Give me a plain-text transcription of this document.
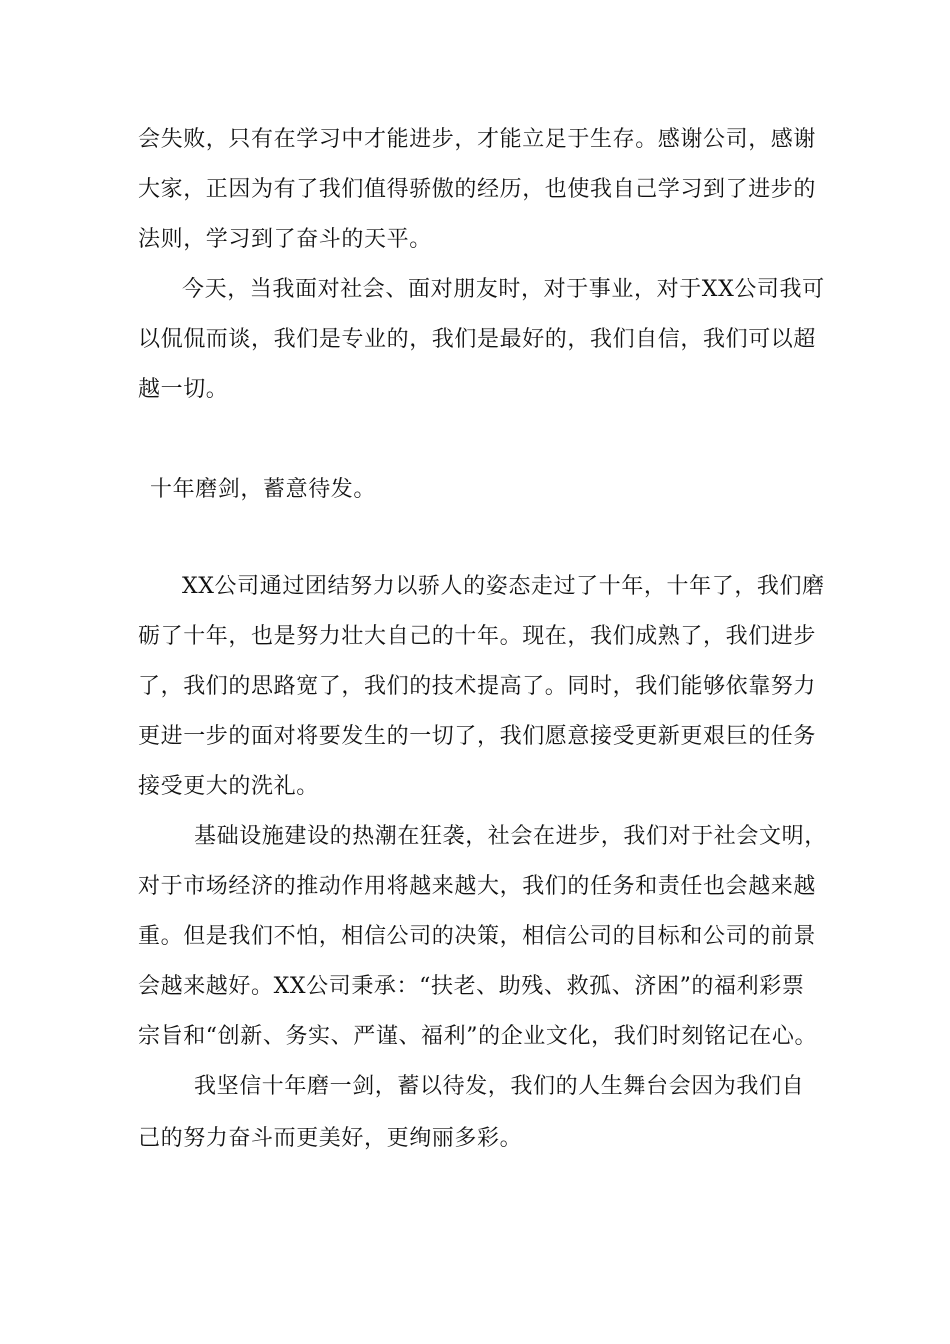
会失败，只有在学习中才能进步，才能立足于生存。感谢公司，感谢
大家，正因为有了我们值得骄傲的经历，也使我自己学习到了进步的
法则，学习到了奋斗的天平。
今天，当我面对社会、面对朋友时，对于事业，对于XX公司我可
以侃侃而谈，我们是专业的，我们是最好的，我们自信，我们可以超
越一切。
十年磨剑，蓄意待发。
XX公司通过团结努力以骄人的姿态走过了十年，十年了，我们磨
砺了十年，也是努力壮大自己的十年。现在，我们成熟了，我们进步
了，我们的思路宽了，我们的技术提高了。同时，我们能够依靠努力
更进一步的面对将要发生的一切了，我们愿意接受更新更艰巨的任务
接受更大的洗礼。
基础设施建设的热潮在狂袭，社会在进步，我们对于社会文明，
对于市场经济的推动作用将越来越大，我们的任务和责任也会越来越
重。但是我们不怕，相信公司的决策，相信公司的目标和公司的前景
会越来越好。XX公司秉承：“扶老、助残、救孤、济困”的福利彩票
宗旨和“创新、务实、严谨、福利”的企业文化，我们时刻铭记在心。
我坚信十年磨一剑，蓄以待发，我们的人生舞台会因为我们自
己的努力奋斗而更美好，更绚丽多彩。
